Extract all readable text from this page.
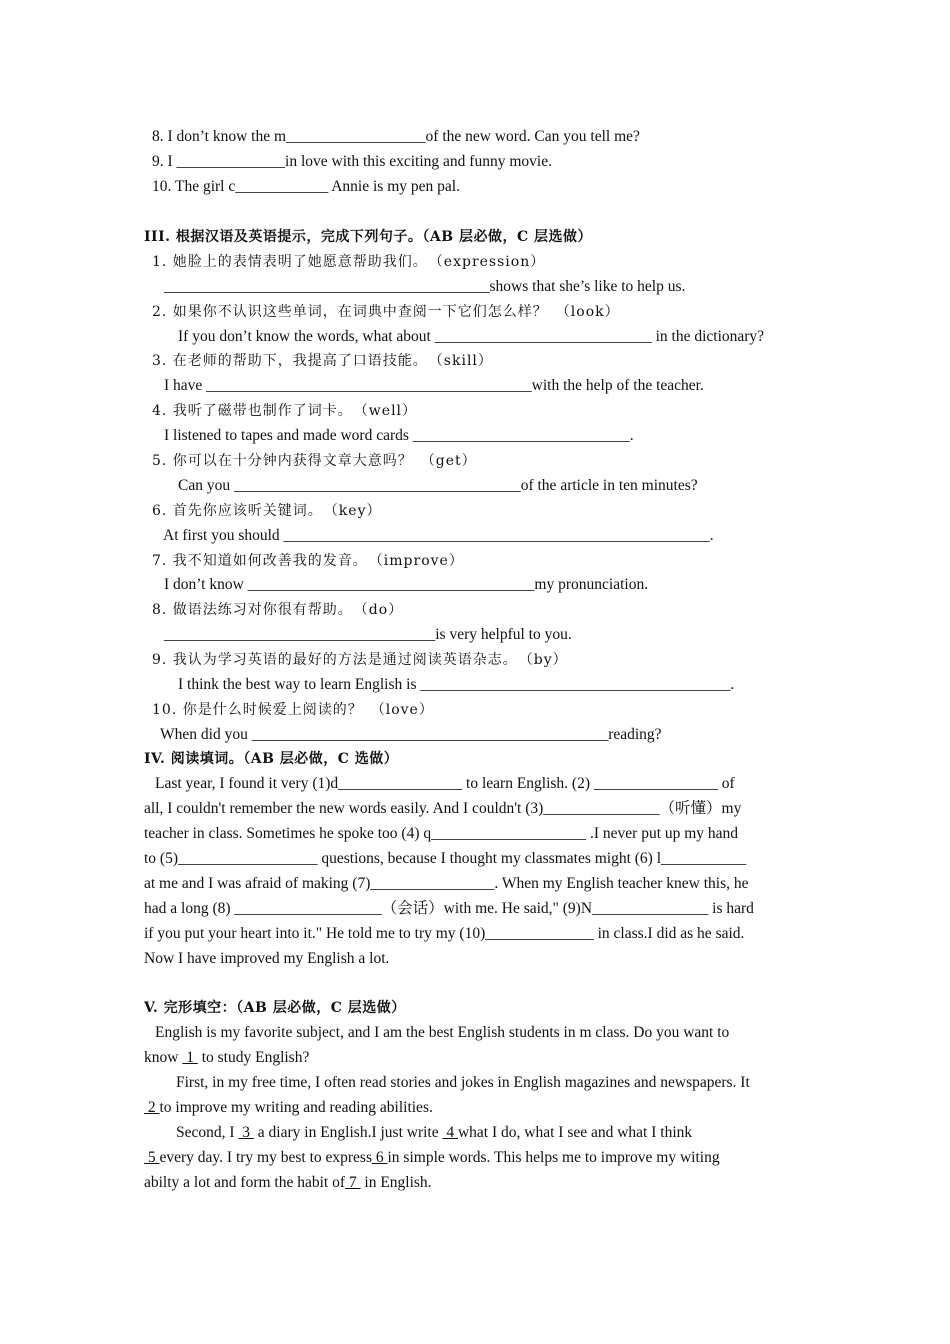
8. I don’t know the m__________________of the new word. Can you tell me?
9. I ______________in love with this exciting and funny movie.
10. The girl c____________ Annie is my pen pal.
III. 根据汉语及英语提示，完成下列句子。（AB 层必做，C 层选做）
1. 她脸上的表情表明了她愿意帮助我们。　（expression）
__________________________________________shows that she’s like to help us.
2. 如果你不认识这些单词，在词典中查阅一下它们怎么样？　（look）
If you don’t know the words, what about ____________________________ in the dictionary?
3. 在老师的帮助下，我提高了口语技能。　（skill）
I have __________________________________________with the help of the teacher.
4. 我听了磁带也制作了词卡。　（well）
I listened to tapes and made word cards ____________________________.
5. 你可以在十分钟内获得文章大意吗？　（get）
Can you _____________________________________of the article in ten minutes?
6. 首先你应该听关键词。　（key）
At first you should _______________________________________________________.
7. 我不知道如何改善我的发音。　（improve）
I don’t know _____________________________________my pronunciation.
8. 做语法练习对你很有帮助。　（do）
___________________________________is very helpful to you.
9. 我认为学习英语的最好的方法是通过阅读英语杂志。　（by）
I think the best way to learn English is ________________________________________.
10. 你是什么时候爱上阅读的？　（love）
When did you ______________________________________________reading?
IV. 阅读填词。（AB 层必做，C 选做）
Last year, I found it very (1)d________________ to learn English. (2) ________________ of
all, I couldn't remember the new words easily. And I couldn't (3)_______________（听懂）my
teacher in class. Sometimes he spoke too (4) q____________________ .I never put up my hand
to (5)__________________ questions, because I thought my classmates might (6) l___________
at me and I was afraid of making (7)________________. When my English teacher knew this, he
had a long (8) ___________________（会话）with me. He said," (9)N_______________ is hard
if you put your heart into it." He told me to try my (10)______________ in class.I did as he said.
Now I have improved my English a lot.
V. 完形填空：（AB 层必做，C 层选做）
English is my favorite subject, and I am the best English students in m class. Do you want to
know  1  to study English?
First, in my free time, I often read stories and jokes in English magazines and newspapers. It
2 to improve my writing and reading abilities.
Second, I  3  a diary in English.I just write  4 what I do, what I see and what I think
5 every day. I try my best to express 6 in simple words. This helps me to improve my witing
abilty a lot and form the habit of 7  in English.
